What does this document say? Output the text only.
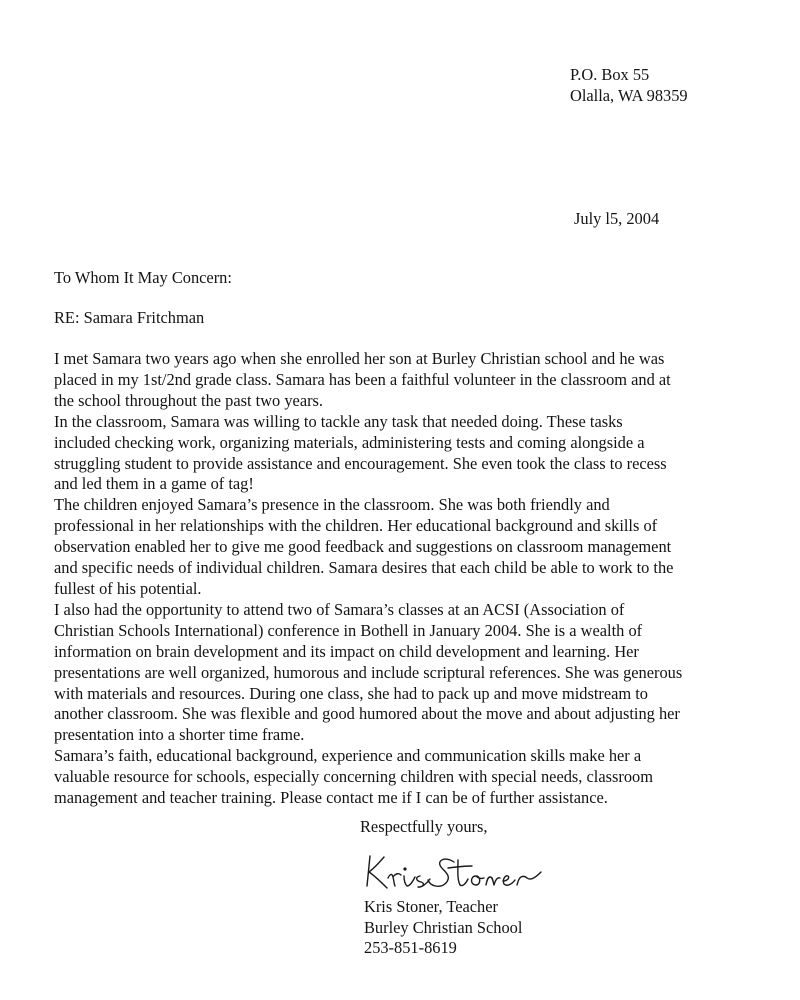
P.O. Box 55
Olalla, WA 98359
July l5, 2004
To Whom It May Concern:
RE: Samara Fritchman
I met Samara two years ago when she enrolled her son at Burley Christian school and he was
placed in my 1st/2nd grade class. Samara has been a faithful volunteer in the classroom and at
the school throughout the past two years.
In the classroom, Samara was willing to tackle any task that needed doing. These tasks
included checking work, organizing materials, administering tests and coming alongside a
struggling student to provide assistance and encouragement. She even took the class to recess
and led them in a game of tag!
The children enjoyed Samara’s presence in the classroom. She was both friendly and
professional in her relationships with the children. Her educational background and skills of
observation enabled her to give me good feedback and suggestions on classroom management
and specific needs of individual children. Samara desires that each child be able to work to the
fullest of his potential.
I also had the opportunity to attend two of Samara’s classes at an ACSI (Association of
Christian Schools International) conference in Bothell in January 2004. She is a wealth of
information on brain development and its impact on child development and learning. Her
presentations are well organized, humorous and include scriptural references. She was generous
with materials and resources. During one class, she had to pack up and move midstream to
another classroom. She was flexible and good humored about the move and about adjusting her
presentation into a shorter time frame.
Samara’s faith, educational background, experience and communication skills make her a
valuable resource for schools, especially concerning children with special needs, classroom
management and teacher training. Please contact me if I can be of further assistance.
Respectfully yours,
Kris Stoner, Teacher
Burley Christian School
253-851-8619
